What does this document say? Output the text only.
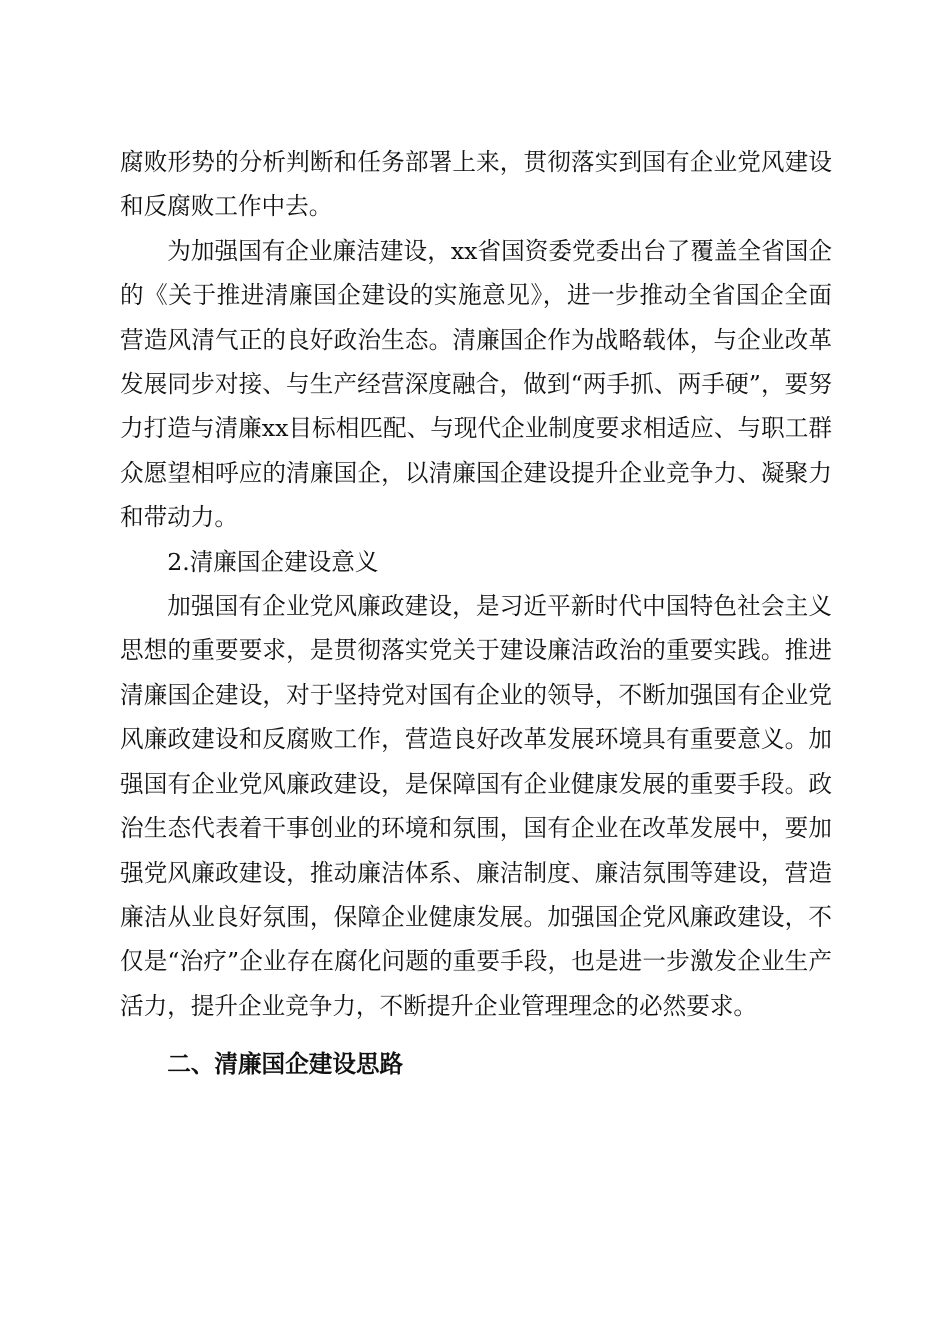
腐败形势的分析判断和任务部署上来，贯彻落实到国有企业党风建设和反腐败工作中去。

为加强国有企业廉洁建设，xx省国资委党委出台了覆盖全省国企的《关于推进清廉国企建设的实施意见》，进一步推动全省国企全面营造风清气正的良好政治生态。清廉国企作为战略载体，与企业改革发展同步对接、与生产经营深度融合，做到“两手抓、两手硬”，要努力打造与清廉xx目标相匹配、与现代企业制度要求相适应、与职工群众愿望相呼应的清廉国企，以清廉国企建设提升企业竞争力、凝聚力和带动力。

2.清廉国企建设意义

加强国有企业党风廉政建设，是习近平新时代中国特色社会主义思想的重要要求，是贯彻落实党关于建设廉洁政治的重要实践。推进清廉国企建设，对于坚持党对国有企业的领导，不断加强国有企业党风廉政建设和反腐败工作，营造良好改革发展环境具有重要意义。加强国有企业党风廉政建设，是保障国有企业健康发展的重要手段。政治生态代表着干事创业的环境和氛围，国有企业在改革发展中，要加强党风廉政建设，推动廉洁体系、廉洁制度、廉洁氛围等建设，营造廉洁从业良好氛围，保障企业健康发展。加强国企党风廉政建设，不仅是“治疗”企业存在腐化问题的重要手段，也是进一步激发企业生产活力，提升企业竞争力，不断提升企业管理理念的必然要求。

二、清廉国企建设思路
